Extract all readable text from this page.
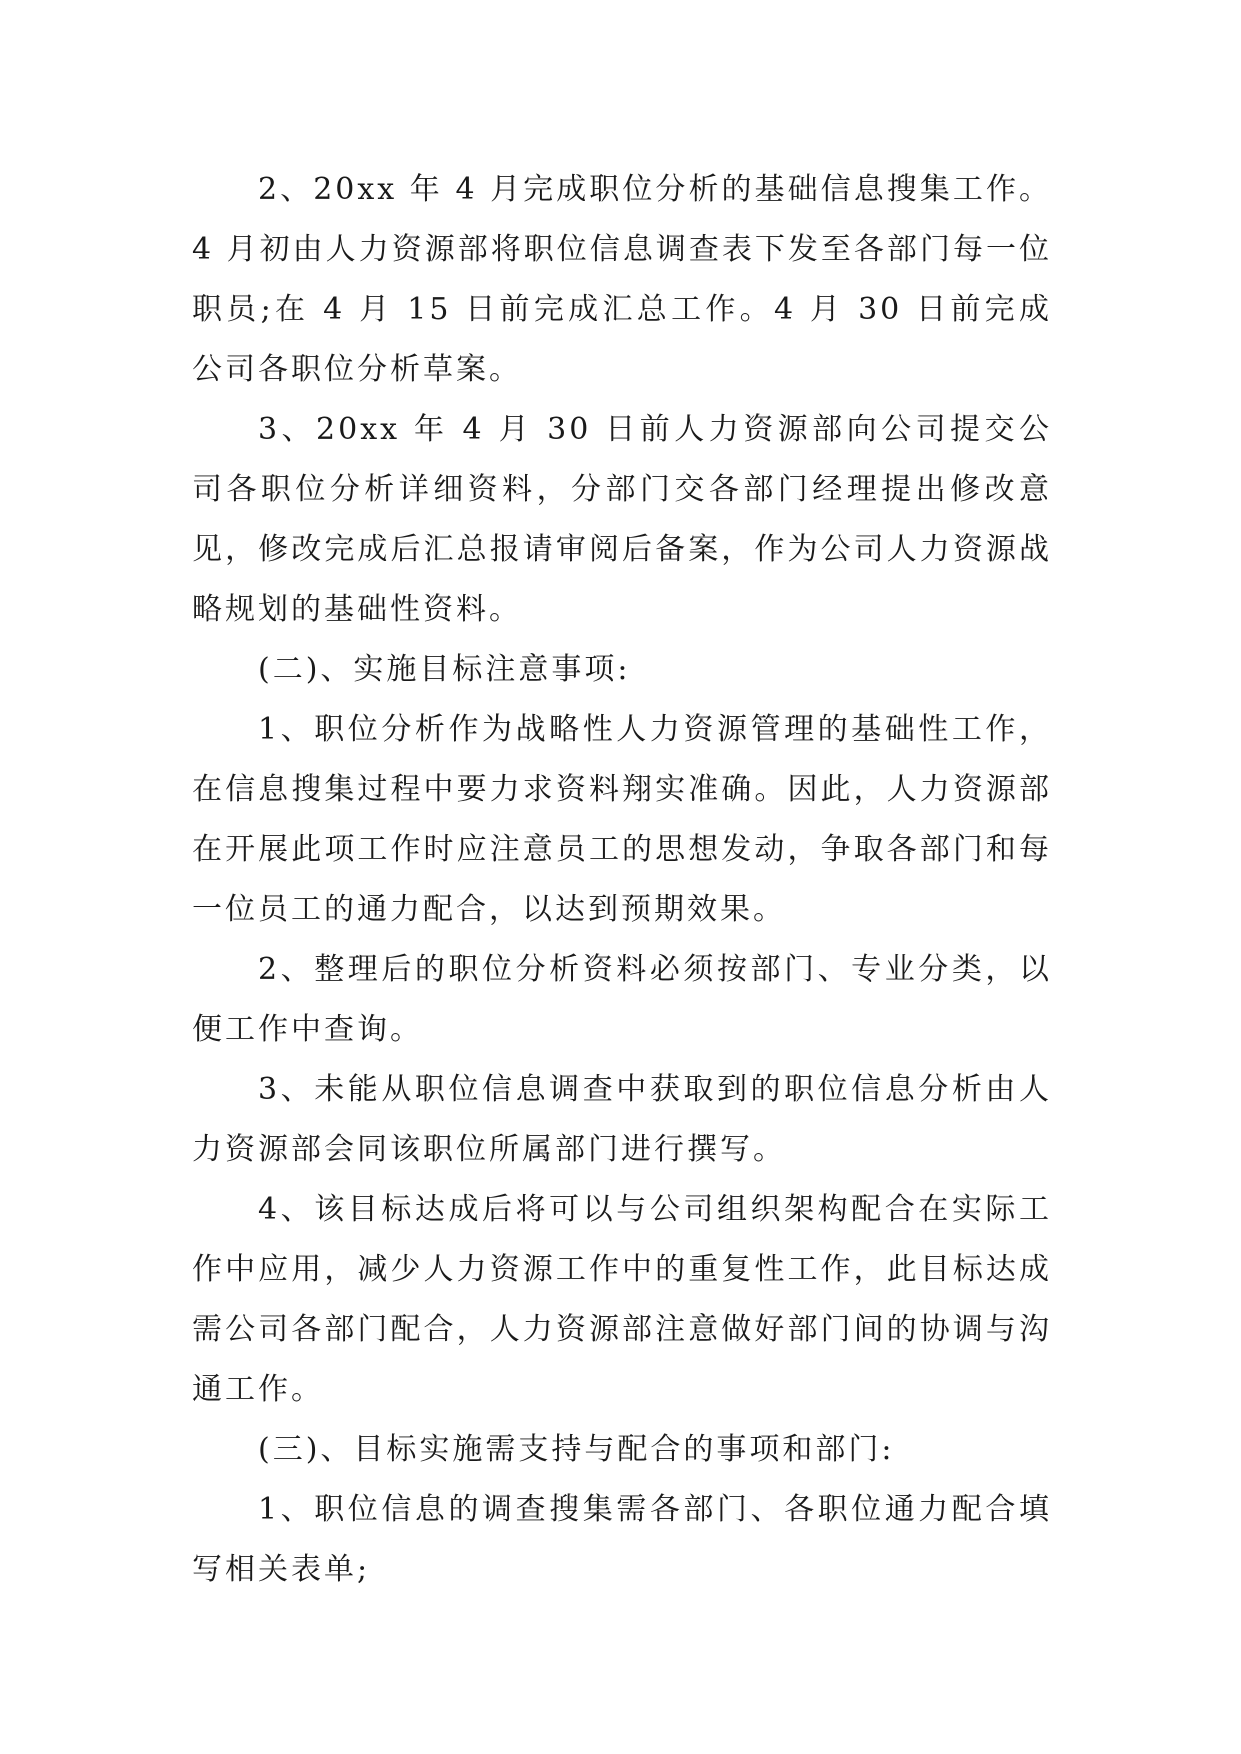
2、20xx 年 4 月完成职位分析的基础信息搜集工作。4 月初由人力资源部将职位信息调查表下发至各部门每一位职员;在 4 月 15 日前完成汇总工作。4 月 30 日前完成公司各职位分析草案。

3、20xx 年 4 月 30 日前人力资源部向公司提交公司各职位分析详细资料，分部门交各部门经理提出修改意见，修改完成后汇总报请审阅后备案，作为公司人力资源战略规划的基础性资料。

(二)、实施目标注意事项:

1、职位分析作为战略性人力资源管理的基础性工作，在信息搜集过程中要力求资料翔实准确。因此，人力资源部在开展此项工作时应注意员工的思想发动，争取各部门和每一位员工的通力配合，以达到预期效果。

2、整理后的职位分析资料必须按部门、专业分类，以便工作中查询。

3、未能从职位信息调查中获取到的职位信息分析由人力资源部会同该职位所属部门进行撰写。

4、该目标达成后将可以与公司组织架构配合在实际工作中应用，减少人力资源工作中的重复性工作，此目标达成需公司各部门配合，人力资源部注意做好部门间的协调与沟通工作。

(三)、目标实施需支持与配合的事项和部门:

1、职位信息的调查搜集需各部门、各职位通力配合填写相关表单;
